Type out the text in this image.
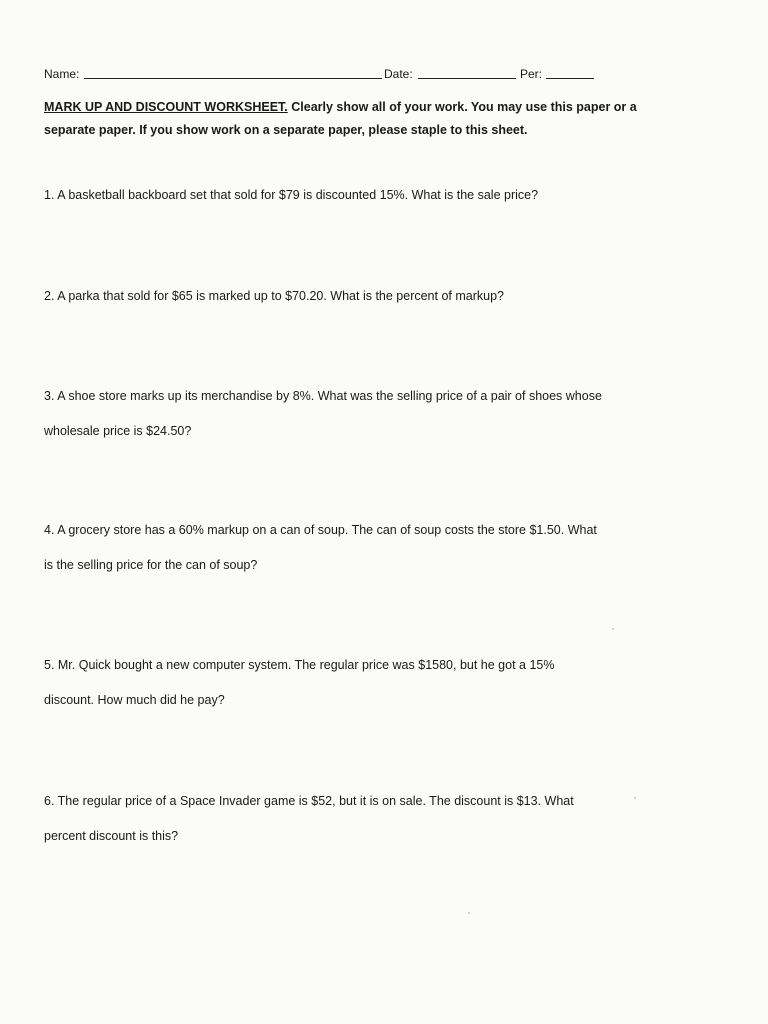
Name:	Date:	Per:
MARK UP AND DISCOUNT WORKSHEET. Clearly show all of your work. You may use this paper or a separate paper. If you show work on a separate paper, please staple to this sheet.
1. A basketball backboard set that sold for $79 is discounted 15%. What is the sale price?
2. A parka that sold for $65 is marked up to $70.20. What is the percent of markup?
3. A shoe store marks up its merchandise by 8%. What was the selling price of a pair of shoes whose
wholesale price is $24.50?
4. A grocery store has a 60% markup on a can of soup. The can of soup costs the store $1.50. What
is the selling price for the can of soup?
5. Mr. Quick bought a new computer system. The regular price was $1580, but he got a 15%
discount. How much did he pay?
6. The regular price of a Space Invader game is $52, but it is on sale. The discount is $13. What
percent discount is this?
